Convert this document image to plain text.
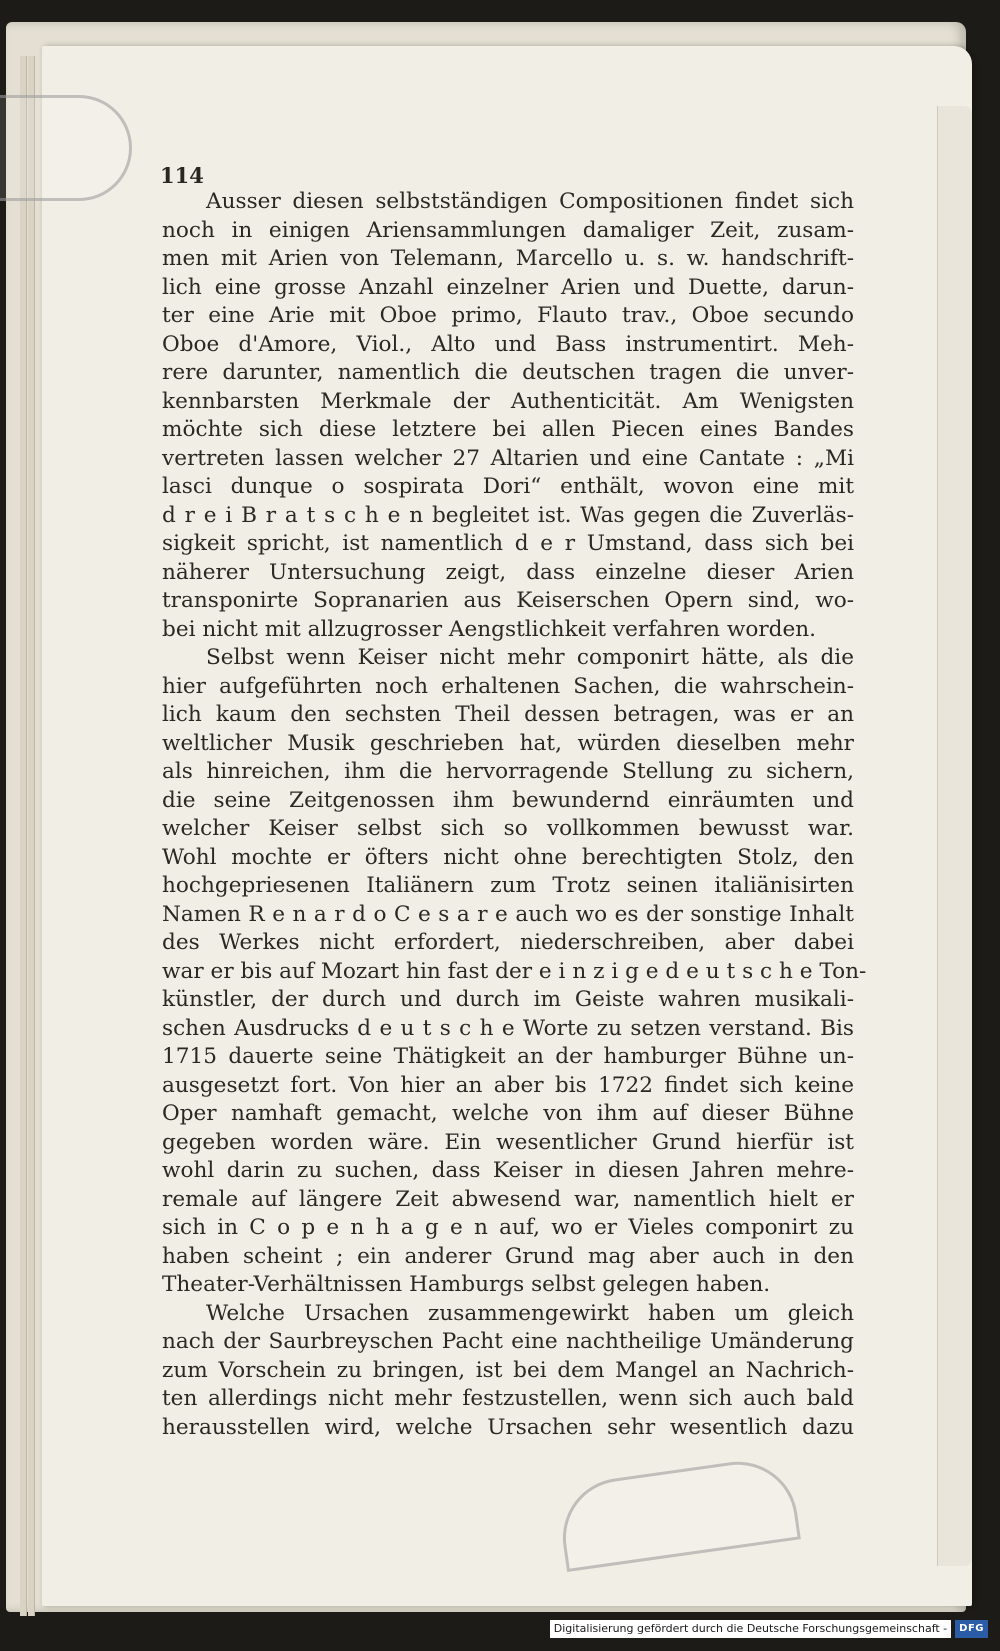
114
Ausser diesen selbstständigen Compositionen findet sich
noch in einigen Ariensammlungen damaliger Zeit, zusam-
men mit Arien von Telemann, Marcello u. s. w. handschrift-
lich eine grosse Anzahl einzelner Arien und Duette, darun-
ter eine Arie mit Oboe primo, Flauto trav., Oboe secundo
Oboe d'Amore, Viol., Alto und Bass instrumentirt. Meh-
rere darunter, namentlich die deutschen tragen die unver-
kennbarsten Merkmale der Authenticität. Am Wenigsten
möchte sich diese letztere bei allen Piecen eines Bandes
vertreten lassen welcher 27 Altarien und eine Cantate : „Mi
lasci dunque o sospirata Dori“ enthält, wovon eine mit
d r e i B r a t s c h e n begleitet ist. Was gegen die Zuverläs-
sigkeit spricht, ist namentlich d e r Umstand, dass sich bei
näherer Untersuchung zeigt, dass einzelne dieser Arien
transponirte Sopranarien aus Keiserschen Opern sind, wo-
bei nicht mit allzugrosser Aengstlichkeit verfahren worden.
Selbst wenn Keiser nicht mehr componirt hätte, als die
hier aufgeführten noch erhaltenen Sachen, die wahrschein-
lich kaum den sechsten Theil dessen betragen, was er an
weltlicher Musik geschrieben hat, würden dieselben mehr
als hinreichen, ihm die hervorragende Stellung zu sichern,
die seine Zeitgenossen ihm bewundernd einräumten und
welcher Keiser selbst sich so vollkommen bewusst war.
Wohl mochte er öfters nicht ohne berechtigten Stolz, den
hochgepriesenen Italiänern zum Trotz seinen italiänisirten
Namen R e n a r d o C e s a r e auch wo es der sonstige Inhalt
des Werkes nicht erfordert, niederschreiben, aber dabei
war er bis auf Mozart hin fast der e i n z i g e d e u t s c h e Ton-
künstler, der durch und durch im Geiste wahren musikali-
schen Ausdrucks d e u t s c h e Worte zu setzen verstand. Bis
1715 dauerte seine Thätigkeit an der hamburger Bühne un-
ausgesetzt fort. Von hier an aber bis 1722 findet sich keine
Oper namhaft gemacht, welche von ihm auf dieser Bühne
gegeben worden wäre. Ein wesentlicher Grund hierfür ist
wohl darin zu suchen, dass Keiser in diesen Jahren mehre-
remale auf längere Zeit abwesend war, namentlich hielt er
sich in C o p e n h a g e n auf, wo er Vieles componirt zu
haben scheint ; ein anderer Grund mag aber auch in den
Theater-Verhältnissen Hamburgs selbst gelegen haben.
Welche Ursachen zusammengewirkt haben um gleich
nach der Saurbreyschen Pacht eine nachtheilige Umänderung
zum Vorschein zu bringen, ist bei dem Mangel an Nachrich-
ten allerdings nicht mehr festzustellen, wenn sich auch bald
herausstellen wird, welche Ursachen sehr wesentlich dazu
Digitalisierung gefördert durch die Deutsche Forschungsgemeinschaft -	DFG
